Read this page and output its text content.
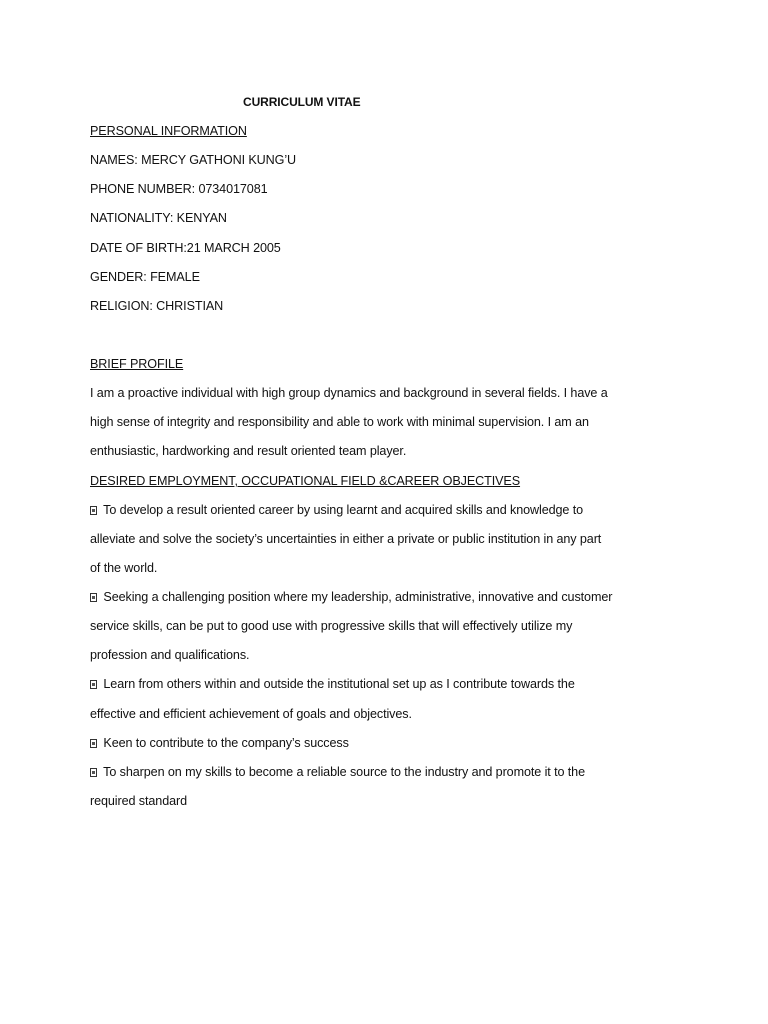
CURRICULUM VITAE
PERSONAL INFORMATION
NAMES: MERCY GATHONI KUNG’U
PHONE NUMBER: 0734017081
NATIONALITY: KENYAN
DATE OF BIRTH:21 MARCH 2005
GENDER: FEMALE
RELIGION: CHRISTIAN
BRIEF PROFILE
I am a proactive individual with high group dynamics and background in several fields. I have a
high sense of integrity and responsibility and able to work with minimal supervision. I am an
enthusiastic, hardworking and result oriented team player.
DESIRED EMPLOYMENT, OCCUPATIONAL FIELD &CAREER OBJECTIVES
To develop a result oriented career by using learnt and acquired skills and knowledge to
alleviate and solve the society’s uncertainties in either a private or public institution in any part
of the world.
Seeking a challenging position where my leadership, administrative, innovative and customer
service skills, can be put to good use with progressive skills that will effectively utilize my
profession and qualifications.
Learn from others within and outside the institutional set up as I contribute towards the
effective and efficient achievement of goals and objectives.
Keen to contribute to the company’s success
To sharpen on my skills to become a reliable source to the industry and promote it to the
required standard
